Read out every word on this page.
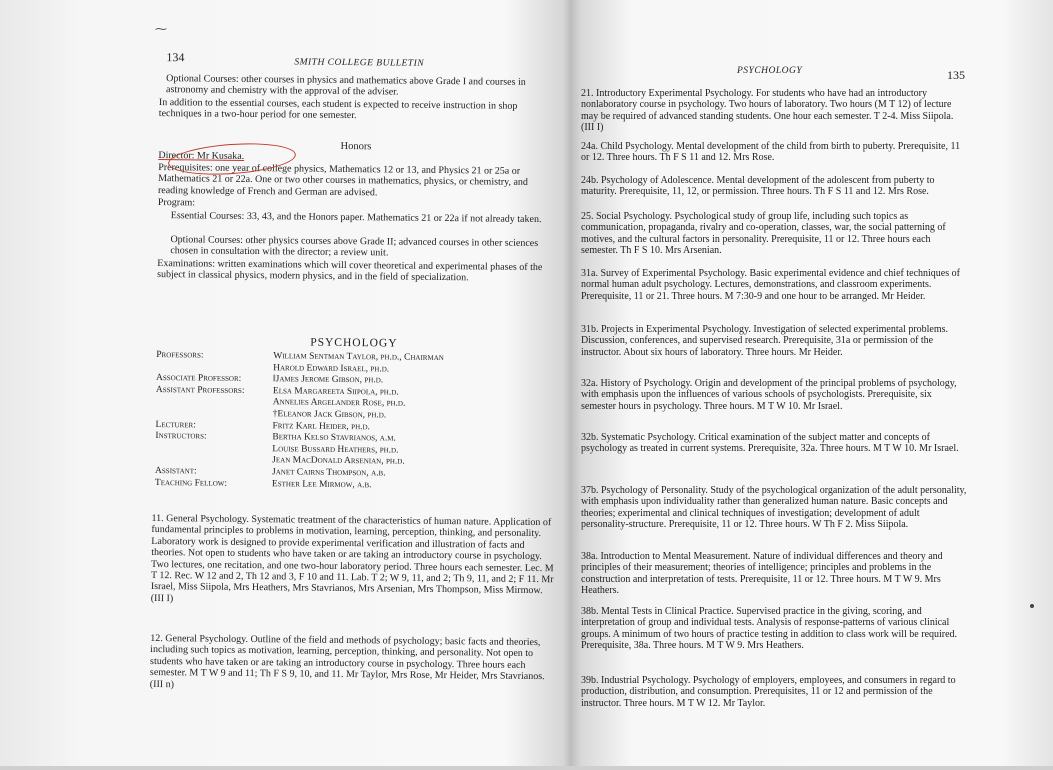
⁓
134	SMITH COLLEGE BULLETIN
Optional Courses: other courses in physics and mathematics above Grade I and courses in astronomy and chemistry with the approval of the adviser.
In addition to the essential courses, each student is expected to receive instruction in shop techniques in a two-hour period for one semester.
Honors
Director: Mr Kusaka.
Prerequisites: one year of college physics, Mathematics 12 or 13, and Physics 21 or 25a or Mathematics 21 or 22a. One or two other courses in mathematics, physics, or chemistry, and reading knowledge of French and German are advised.
Program:
Essential Courses: 33, 43, and the Honors paper. Mathematics 21 or 22a if not already taken.
Optional Courses: other physics courses above Grade II; advanced courses in other sciences chosen in consultation with the director; a review unit.
Examinations: written examinations which will cover theoretical and experimental phases of the subject in classical physics, modern physics, and in the field of specialization.
PSYCHOLOGY
Professors:	William Sentman Taylor, ph.d., Chairman
Harold Edward Israel, ph.d.
Associate Professor:	‖James Jerome Gibson, ph.d.
Assistant Professors:	Elsa Margareeta Siipola, ph.d.
Annelies Argelander Rose, ph.d.
†Eleanor Jack Gibson, ph.d.
Lecturer:	Fritz Karl Heider, ph.d.
Instructors:	Bertha Kelso Stavrianos, a.m.
Louise Bussard Heathers, ph.d.
Jean MacDonald Arsenian, ph.d.
Assistant:	Janet Cairns Thompson, a.b.
Teaching Fellow:	Esther Lee Mirmow, a.b.
11. General Psychology. Systematic treatment of the characteristics of human nature. Application of fundamental principles to problems in motivation, learning, perception, thinking, and personality. Laboratory work is designed to provide experimental verification and illustration of facts and theories. Not open to students who have taken or are taking an introductory course in psychology. Two lectures, one recitation, and one two-hour laboratory period. Three hours each semester. Lec. M T 12. Rec. W 12 and 2, Th 12 and 3, F 10 and 11. Lab. T 2; W 9, 11, and 2; Th 9, 11, and 2; F 11. Mr Israel, Miss Siipola, Mrs Heathers, Mrs Stavrianos, Mrs Arsenian, Mrs Thompson, Miss Mirmow. (III I)
12. General Psychology. Outline of the field and methods of psychology; basic facts and theories, including such topics as motivation, learning, perception, thinking, and personality. Not open to students who have taken or are taking an introductory course in psychology. Three hours each semester. M T W 9 and 11; Th F S 9, 10, and 11. Mr Taylor, Mrs Rose, Mr Heider, Mrs Stavrianos. (III n)
PSYCHOLOGY	135
21. Introductory Experimental Psychology. For students who have had an introductory nonlaboratory course in psychology. Two hours of laboratory. Two hours (M T 12) of lecture may be required of advanced standing students. One hour each semester. T 2-4. Miss Siipola. (III I)
24a. Child Psychology. Mental development of the child from birth to puberty. Prerequisite, 11 or 12. Three hours. Th F S 11 and 12. Mrs Rose.
24b. Psychology of Adolescence. Mental development of the adolescent from puberty to maturity. Prerequisite, 11, 12, or permission. Three hours. Th F S 11 and 12. Mrs Rose.
25. Social Psychology. Psychological study of group life, including such topics as communication, propaganda, rivalry and co-operation, classes, war, the social patterning of motives, and the cultural factors in personality. Prerequisite, 11 or 12. Three hours each semester. Th F S 10. Mrs Arsenian.
31a. Survey of Experimental Psychology. Basic experimental evidence and chief techniques of normal human adult psychology. Lectures, demonstrations, and classroom experiments. Prerequisite, 11 or 21. Three hours. M 7:30-9 and one hour to be arranged. Mr Heider.
31b. Projects in Experimental Psychology. Investigation of selected experimental problems. Discussion, conferences, and supervised research. Prerequisite, 31a or permission of the instructor. About six hours of laboratory. Three hours. Mr Heider.
32a. History of Psychology. Origin and development of the principal problems of psychology, with emphasis upon the influences of various schools of psychologists. Prerequisite, six semester hours in psychology. Three hours. M T W 10. Mr Israel.
32b. Systematic Psychology. Critical examination of the subject matter and concepts of psychology as treated in current systems. Prerequisite, 32a. Three hours. M T W 10. Mr Israel.
37b. Psychology of Personality. Study of the psychological organization of the adult personality, with emphasis upon individuality rather than generalized human nature. Basic concepts and theories; experimental and clinical techniques of investigation; development of adult personality-structure. Prerequisite, 11 or 12. Three hours. W Th F 2. Miss Siipola.
38a. Introduction to Mental Measurement. Nature of individual differences and theory and principles of their measurement; theories of intelligence; principles and problems in the construction and interpretation of tests. Prerequisite, 11 or 12. Three hours. M T W 9. Mrs Heathers.
38b. Mental Tests in Clinical Practice. Supervised practice in the giving, scoring, and interpretation of group and individual tests. Analysis of response-patterns of various clinical groups. A minimum of two hours of practice testing in addition to class work will be required. Prerequisite, 38a. Three hours. M T W 9. Mrs Heathers.
39b. Industrial Psychology. Psychology of employers, employees, and consumers in regard to production, distribution, and consumption. Prerequisites, 11 or 12 and permission of the instructor. Three hours. M T W 12. Mr Taylor.
